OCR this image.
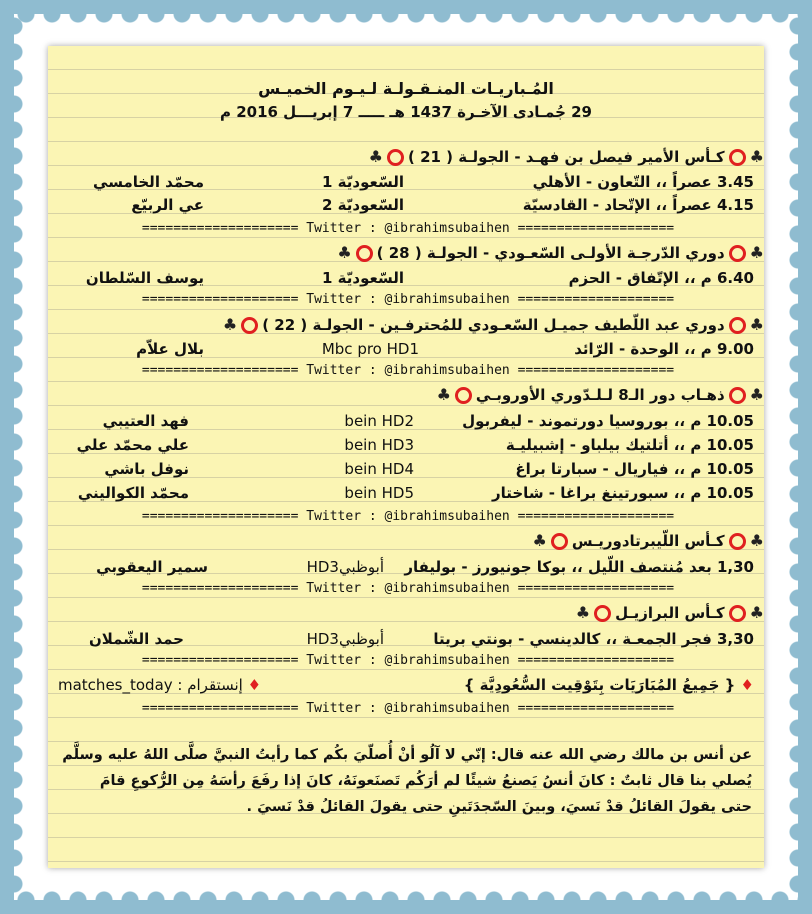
المُـباريـات المنـقـولـة لـيـوم الخميـس
29 جُمـادى الآخـرة 1437 هـ ـــــ 7 إبريـــل 2016 م
♣كـأس الأمير فيصل بن فهـد - الجولـة ( 21 )♣
3.45 عصراً ،، التّعاون - الأهلي
السّعوديّة 1
محمّد الخامسي
4.15 عصراً ،، الإتّحاد - القادسيّة
السّعوديّة 2
عي الربيّع
==================== Twitter : @ibrahimsubaihen ====================
♣دوري الدّرجـة الأولـى السّعـودي - الجولـة ( 28 )♣
6.40 م ،، الإتّفاق - الحزم
السّعوديّة 1
يوسف السّلطان
==================== Twitter : @ibrahimsubaihen ====================
♣دوري عبد اللّطيف جميـل السّعـودي للمُحترفـين - الجولـة ( 22 )♣
9.00 م ،، الوحدة - الرّائد
Mbc pro HD1
بلال علاّم
==================== Twitter : @ibrahimsubaihen ====================
♣ذهـاب دور الـ8 لـلـدّوري الأوروبـي♣
10.05 م ،، بوروسيا دورتموند - ليفربول
bein HD2
فهد العتيبي
10.05 م ،، أتلتيك بيلباو - إشبيليـة
bein HD3
علي محمّد علي
10.05 م ،، فياريال - سبارتا براغ
bein HD4
نوفل باشي
10.05 م ،، سبورتينغ براغا - شاختار
bein HD5
محمّد الكواليني
==================== Twitter : @ibrahimsubaihen ====================
♣كـأس اللّيبرتادوريـس♣
1,30 بعد مُنتصف اللّيل ،، بوكا جونيورز - بوليفار
أبوظبيHD3
سمير اليعقوبي
==================== Twitter : @ibrahimsubaihen ====================
♣كـأس البرازيـل♣
3,30 فجر الجمعـة ،، كالدينسي - بونتي بريتا
أبوظبيHD3
حمد الشّملان
==================== Twitter : @ibrahimsubaihen ====================
♦ { جَمِيعُ المُبَارَيَات بِتَوْقِيت السُّعُودِيَّة }
♦ إنستقرام : matches_today
==================== Twitter : @ibrahimsubaihen ====================
عن أنس بن مالك رضي الله عنه قال: إنّي لا آلُو أنْ أُصلّيَ بكُم كما رأيتُ النبيَّ صلَّى اللهُ عليه وسلَّم
يُصلي بنا قال ثابتٌ : كانَ أنسُ يَصنعُ شيئًا لم أرَكُم تَصنَعونَهُ، كانَ إذا رفَعَ رأسَهُ مِن الرُّكوعِ قامَ
حتى يقولَ القائلُ قدْ نَسيَ، وبينَ السّجدَتَينِ حتى يقولَ القائلُ قدْ نَسيَ .
